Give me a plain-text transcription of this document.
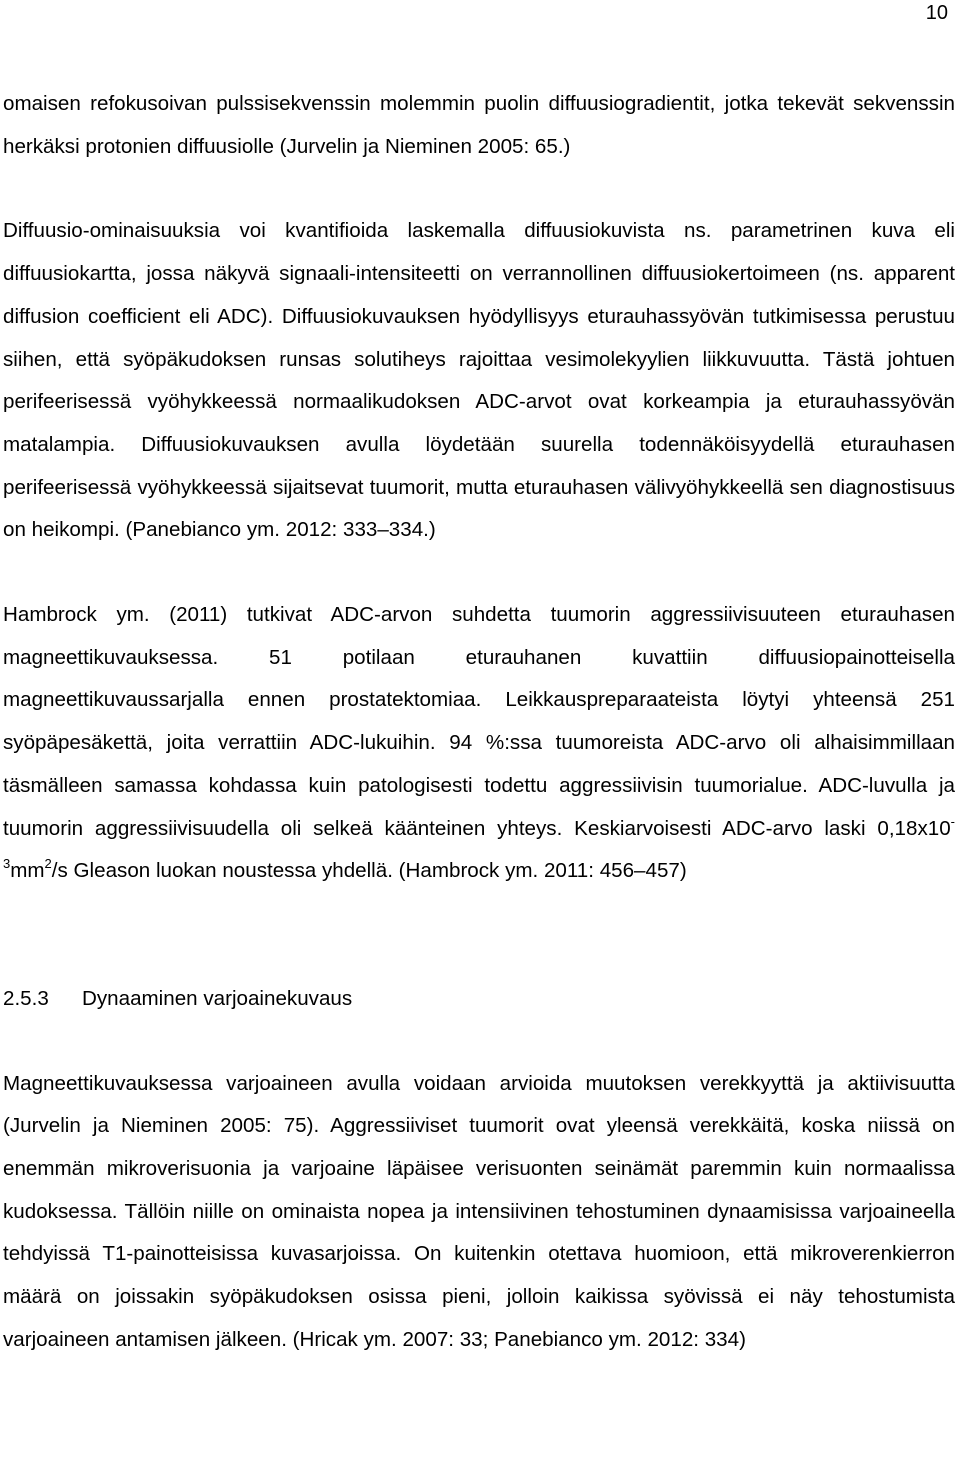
10

omaisen refokusoivan pulssisekvenssin molemmin puolin diffuusiogradientit, jotka tekevät sekvenssin herkäksi protonien diffuusiolle (Jurvelin ja Nieminen 2005: 65.)

Diffuusio-ominaisuuksia voi kvantifioida laskemalla diffuusiokuvista ns. parametrinen kuva eli diffuusiokartta, jossa näkyvä signaali-intensiteetti on verrannollinen diffuusiokertoimeen (ns. apparent diffusion coefficient eli ADC). Diffuusiokuvauksen hyödyllisyys eturauhassyövän tutkimisessa perustuu siihen, että syöpäkudoksen runsas solutiheys rajoittaa vesimolekyylien liikkuvuutta. Tästä johtuen perifeerisessä vyöhykkeessä normaalikudoksen ADC-arvot ovat korkeampia ja eturauhassyövän matalampia. Diffuusiokuvauksen avulla löydetään suurella todennäköisyydellä eturauhasen perifeerisessä vyöhykkeessä sijaitsevat tuumorit, mutta eturauhasen välivyöhykkeellä sen diagnostisuus on heikompi. (Panebianco ym. 2012: 333–334.)

Hambrock ym. (2011) tutkivat ADC-arvon suhdetta tuumorin aggressiivisuuteen eturauhasen magneettikuvauksessa. 51 potilaan eturauhanen kuvattiin diffuusiopainotteisella magneettikuvaussarjalla ennen prostatektomiaa. Leikkauspreparaateista löytyi yhteensä 251 syöpäpesäkettä, joita verrattiin ADC-lukuihin. 94 %:ssa tuumoreista ADC-arvo oli alhaisimmillaan täsmälleen samassa kohdassa kuin patologisesti todettu aggressiivisin tuumorialue. ADC-luvulla ja tuumorin aggressiivisuudella oli selkeä käänteinen yhteys. Keskiarvoisesti ADC-arvo laski $0,18x10^{-3}mm^2/s$ Gleason luokan noustessa yhdellä. (Hambrock ym. 2011: 456–457)

2.5.3 Dynaaminen varjoainekuvaus

Magneettikuvauksessa varjoaineen avulla voidaan arvioida muutoksen verekkyyttä ja aktiivisuutta (Jurvelin ja Nieminen 2005: 75). Aggressiiviset tuumorit ovat yleensä verekkäitä, koska niissä on enemmän mikroverisuonia ja varjoaine läpäisee verisuonten seinämät paremmin kuin normaalissa kudoksessa. Tällöin niille on ominaista nopea ja intensiivinen tehostuminen dynaamisissa varjoaineella tehdyissä T1-painotteisissa kuvasarjoissa. On kuitenkin otettava huomioon, että mikroverenkierron määrä on joissakin syöpäkudoksen osissa pieni, jolloin kaikissa syövissä ei näy tehostumista varjoaineen antamisen jälkeen. (Hricak ym. 2007: 33; Panebianco ym. 2012: 334)
